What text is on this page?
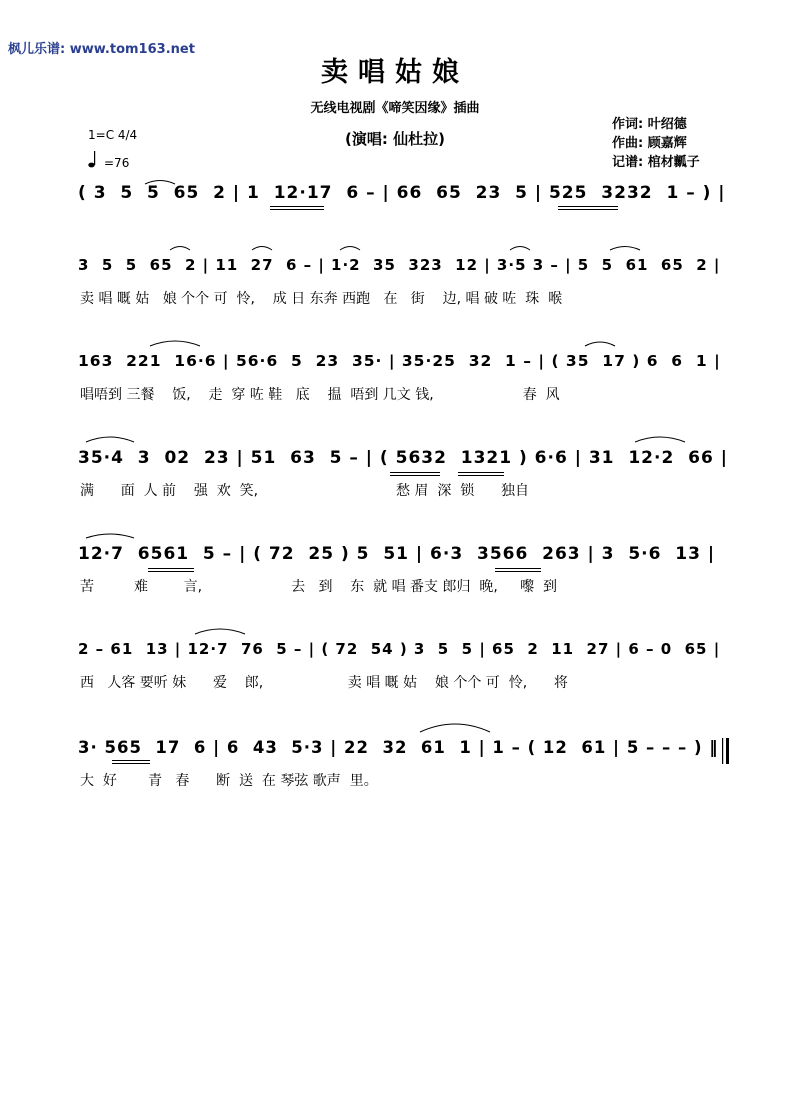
枫儿乐谱: www.tom163.net
卖唱姑娘
无线电视剧《啼笑因缘》插曲
(演唱: 仙杜拉)
作词: 叶绍德
作曲: 顾嘉辉
记谱: 棺材瓤子
1=C 4/4
=76
( 3  5  5  65  2 | 1  12·17  6 – | 66  65  23  5 | 525  3232  1 – ) |
3  5  5  65  2 | 11  27  6 – | 1·2  35  323  12 | 3·5 3 – | 5  5  61  65  2 |
卖 唱 嘅 姑   娘 个个 可  怜,    成 日 东奔 西跑   在   街    边, 唱 破 咗  珠  喉
163  221  16·6 | 56·6  5  23  35· | 35·25  32  1 – | ( 35  17 ) 6  6  1 |
唱唔到 三餐    饭,    走  穿 咗 鞋   底    揾  唔到 几文 钱,                    春  风
35·4  3  02  23 | 51  63  5 – | ( 5632  1321 ) 6·6 | 31  12·2  66 |
满      面  人 前    强  欢  笑,                               愁 眉  深  锁      独自
12·7  6561  5 – | ( 72  25 ) 5  51 | 6·3  3566  263 | 3  5·6  13 |
苦         难        言,                    去   到    东  就 唱 番支 郎归  晚,     嚟  到
2 – 61  13 | 12·7  76  5 – | ( 72  54 ) 3  5  5 | 65  2  11  27 | 6 – 0  65 |
西   人客 要听 妹      爱    郎,                   卖 唱 嘅 姑    娘 个个 可  怜,      将
3· 565  17  6 | 6  43  5·3 | 22  32  61  1 | 1 – ( 12  61 | 5 – – – ) ‖
大  好       青   春      断  送  在 琴弦 歌声  里。
